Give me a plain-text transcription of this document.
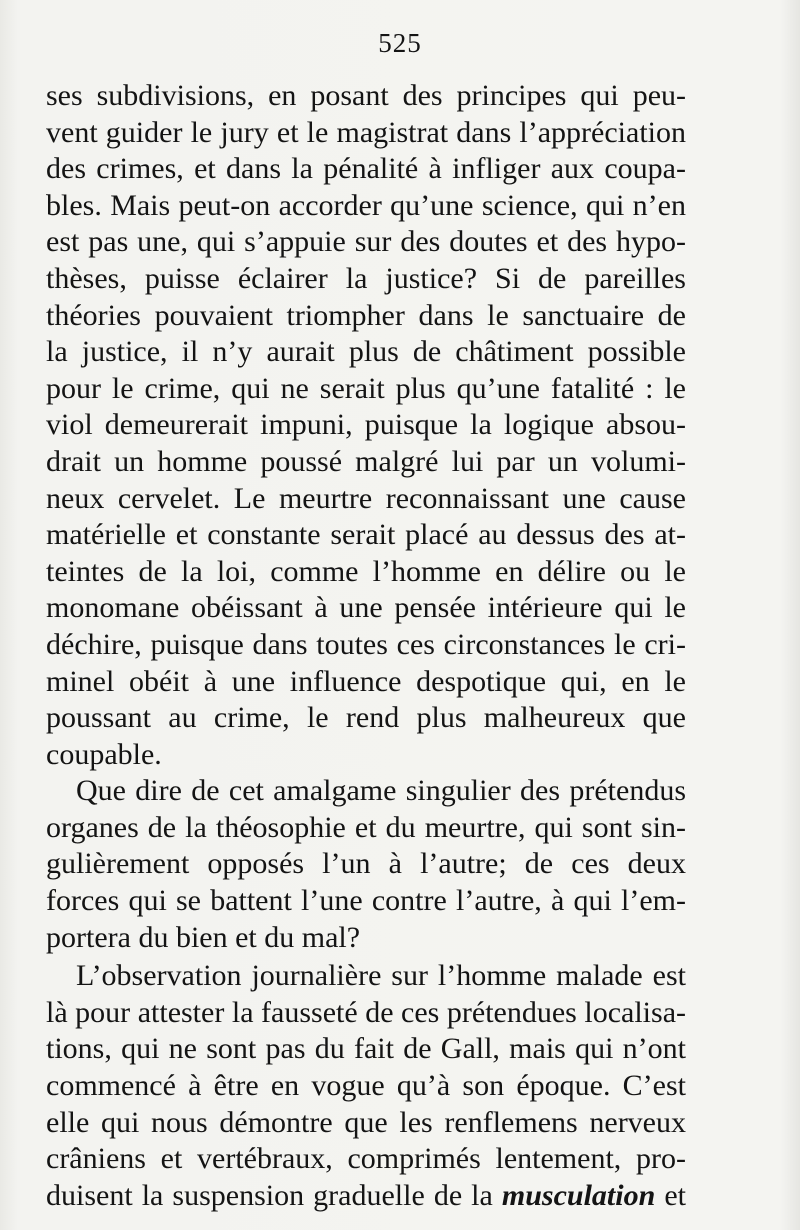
525
ses subdivisions, en posant des principes qui peu-
vent guider le jury et le magistrat dans l’appréciation
des crimes, et dans la pénalité à infliger aux coupa-
bles. Mais peut-on accorder qu’une science, qui n’en
est pas une, qui s’appuie sur des doutes et des hypo-
thèses, puisse éclairer la justice? Si de pareilles
théories pouvaient triompher dans le sanctuaire de
la justice, il n’y aurait plus de châtiment possible
pour le crime, qui ne serait plus qu’une fatalité : le
viol demeurerait impuni, puisque la logique absou-
drait un homme poussé malgré lui par un volumi-
neux cervelet. Le meurtre reconnaissant une cause
matérielle et constante serait placé au dessus des at-
teintes de la loi, comme l’homme en délire ou le
monomane obéissant à une pensée intérieure qui le
déchire, puisque dans toutes ces circonstances le cri-
minel obéit à une influence despotique qui, en le
poussant au crime, le rend plus malheureux que
coupable.
Que dire de cet amalgame singulier des prétendus
organes de la théosophie et du meurtre, qui sont sin-
gulièrement opposés l’un à l’autre; de ces deux
forces qui se battent l’une contre l’autre, à qui l’em-
portera du bien et du mal?
L’observation journalière sur l’homme malade est
là pour attester la fausseté de ces prétendues localisa-
tions, qui ne sont pas du fait de Gall, mais qui n’ont
commencé à être en vogue qu’à son époque. C’est
elle qui nous démontre que les renflemens nerveux
crâniens et vertébraux, comprimés lentement, pro-
duisent la suspension graduelle de la musculation et
